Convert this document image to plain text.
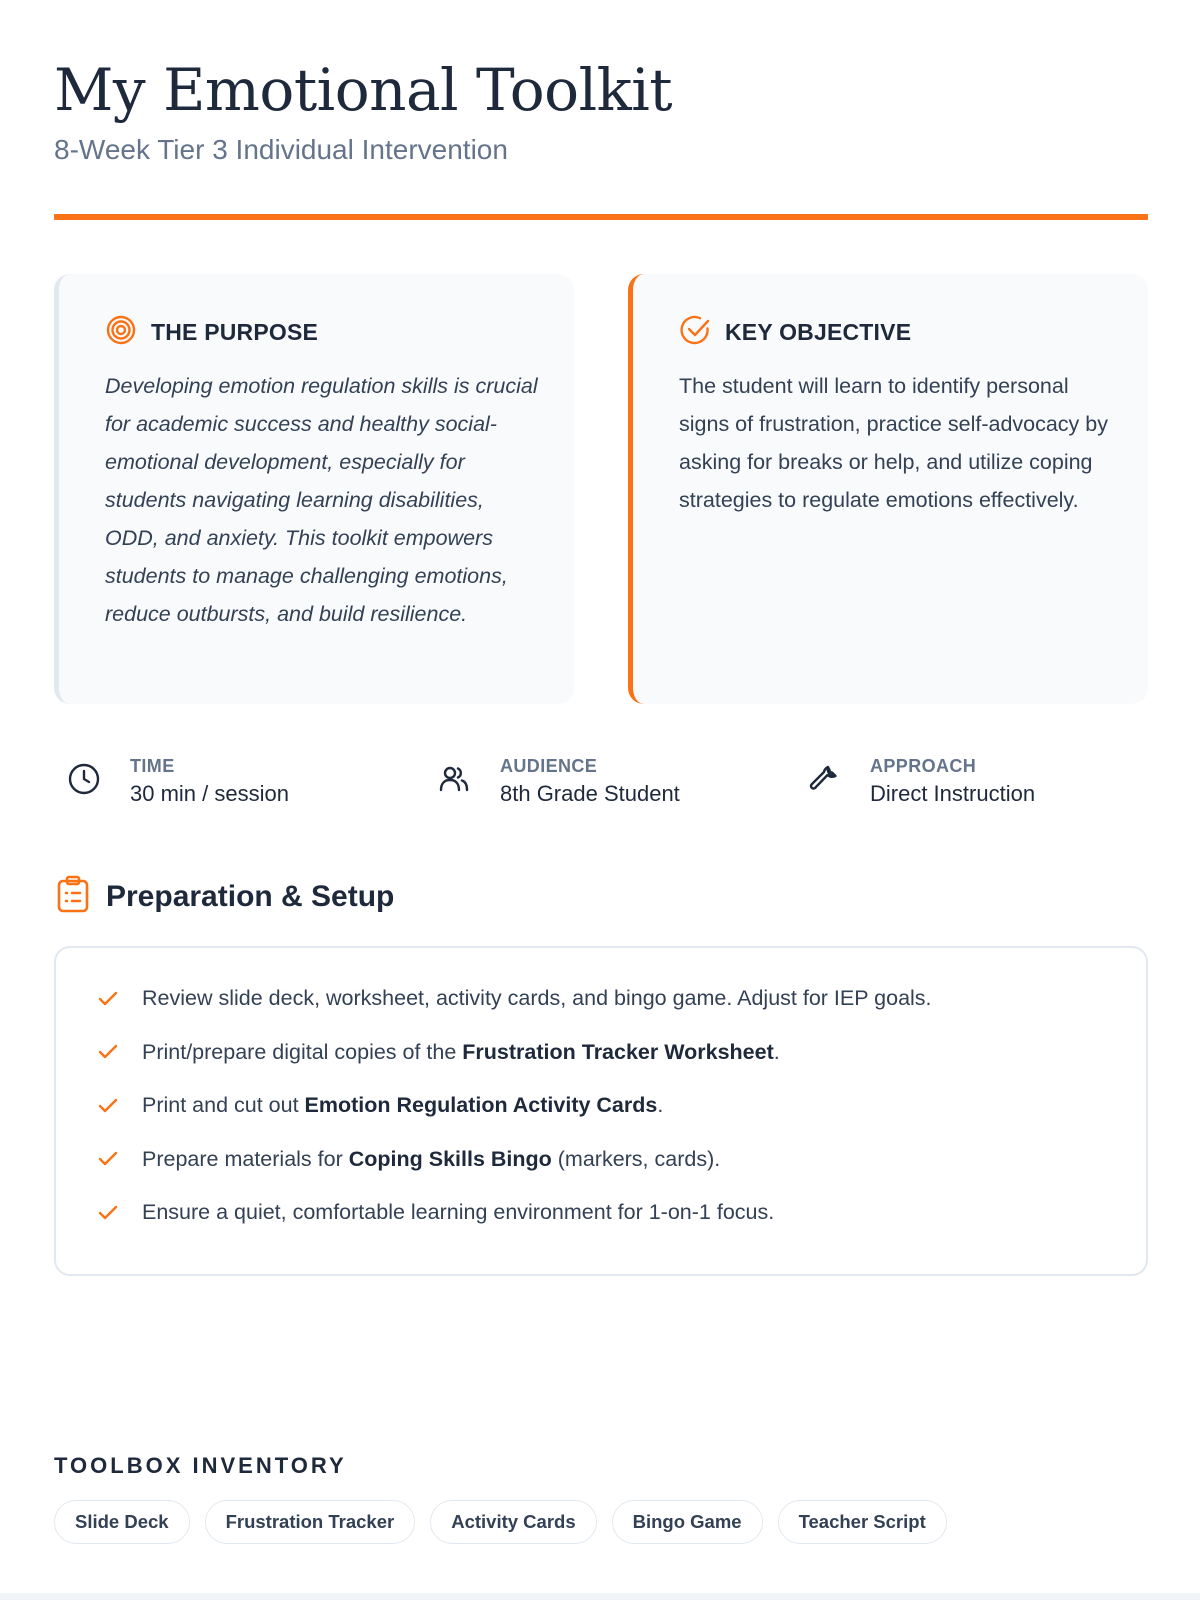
My Emotional Toolkit
8-Week Tier 3 Individual Intervention
THE PURPOSE

Developing emotion regulation skills is crucial for academic success and healthy social-emotional development, especially for students navigating learning disabilities, ODD, and anxiety. This toolkit empowers students to manage challenging emotions, reduce outbursts, and build resilience.

KEY OBJECTIVE

The student will learn to identify personal signs of frustration, practice self-advocacy by asking for breaks or help, and utilize coping strategies to regulate emotions effectively.

TIME
30 min / session
AUDIENCE
8th Grade Student
APPROACH
Direct Instruction
Preparation & Setup
Review slide deck, worksheet, activity cards, and bingo game. Adjust for IEP goals.
Print/prepare digital copies of the Frustration Tracker Worksheet.
Print and cut out Emotion Regulation Activity Cards.
Prepare materials for Coping Skills Bingo (markers, cards).
Ensure a quiet, comfortable learning environment for 1-on-1 focus.
TOOLBOX INVENTORY
Slide Deck	Frustration Tracker	Activity Cards	Bingo Game	Teacher Script
